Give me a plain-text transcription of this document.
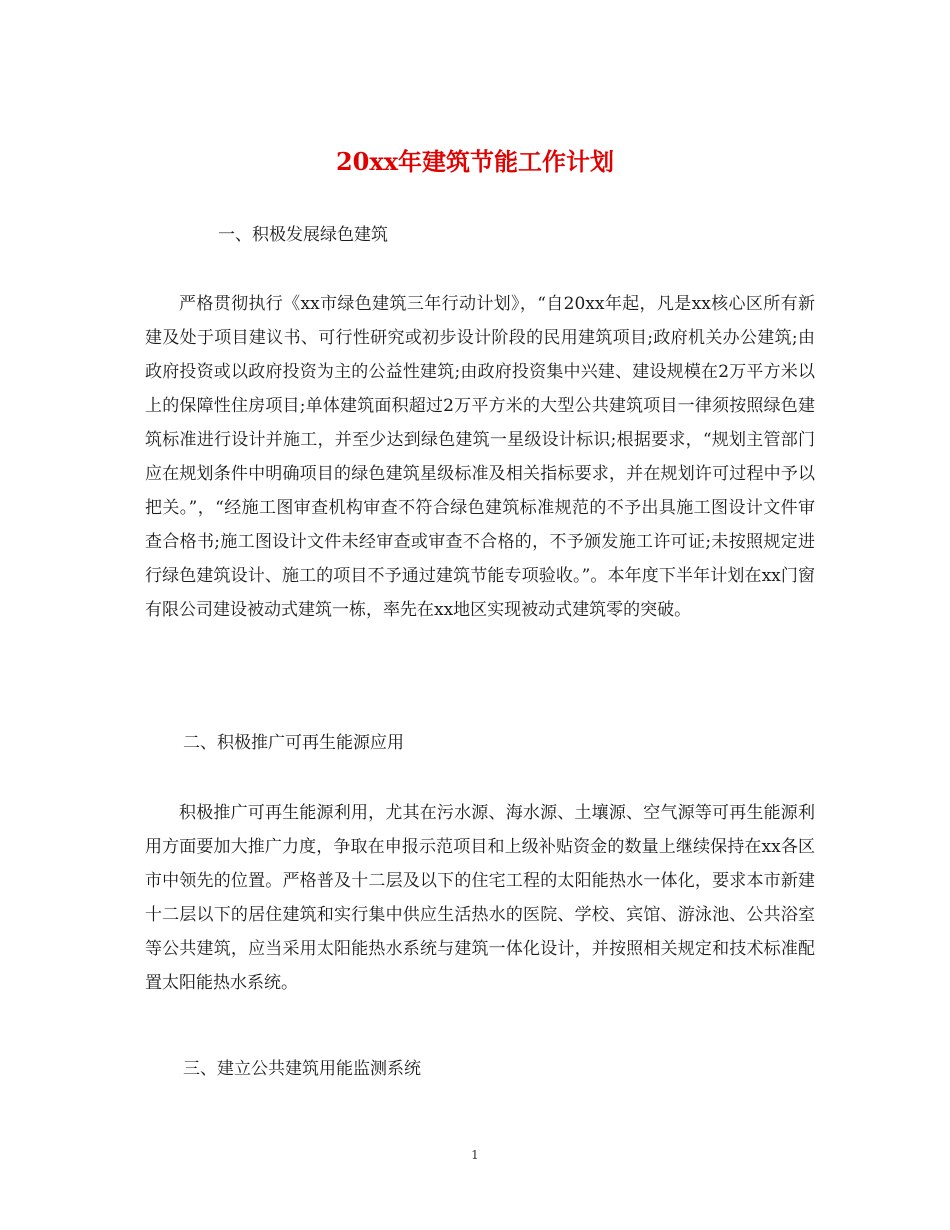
20xx年建筑节能工作计划
一、积极发展绿色建筑
严格贯彻执行《xx市绿色建筑三年行动计划》，“自20xx年起，凡是xx核心区所有新建及处于项目建议书、可行性研究或初步设计阶段的民用建筑项目;政府机关办公建筑;由政府投资或以政府投资为主的公益性建筑;由政府投资集中兴建、建设规模在2万平方米以上的保障性住房项目;单体建筑面积超过2万平方米的大型公共建筑项目一律须按照绿色建筑标准进行设计并施工，并至少达到绿色建筑一星级设计标识;根据要求，“规划主管部门应在规划条件中明确项目的绿色建筑星级标准及相关指标要求，并在规划许可过程中予以把关。”，“经施工图审查机构审查不符合绿色建筑标准规范的不予出具施工图设计文件审查合格书;施工图设计文件未经审查或审查不合格的，不予颁发施工许可证;未按照规定进行绿色建筑设计、施工的项目不予通过建筑节能专项验收。”。本年度下半年计划在xx门窗有限公司建设被动式建筑一栋，率先在xx地区实现被动式建筑零的突破。
二、积极推广可再生能源应用
积极推广可再生能源利用，尤其在污水源、海水源、土壤源、空气源等可再生能源利用方面要加大推广力度，争取在申报示范项目和上级补贴资金的数量上继续保持在xx各区市中领先的位置。严格普及十二层及以下的住宅工程的太阳能热水一体化，要求本市新建十二层以下的居住建筑和实行集中供应生活热水的医院、学校、宾馆、游泳池、公共浴室等公共建筑，应当采用太阳能热水系统与建筑一体化设计，并按照相关规定和技术标准配置太阳能热水系统。
三、建立公共建筑用能监测系统
1
